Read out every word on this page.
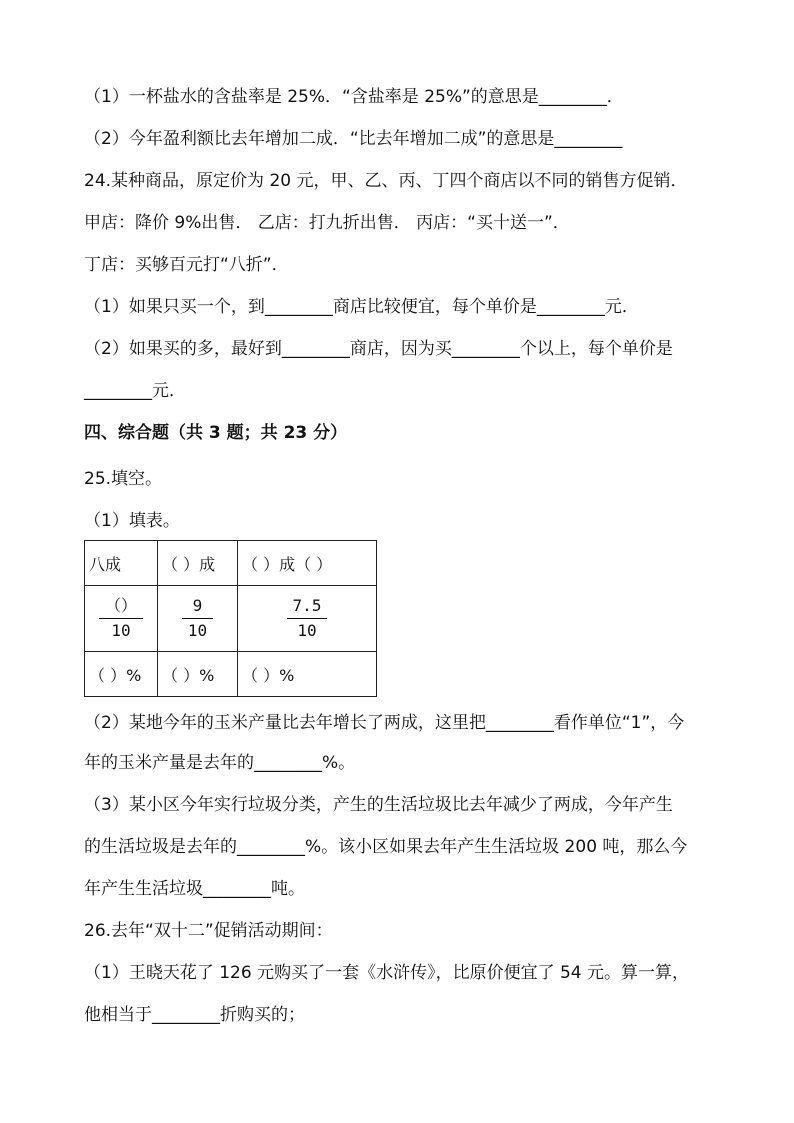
（1）一杯盐水的含盐率是 25%．“含盐率是 25%”的意思是________．
（2）今年盈利额比去年增加二成．“比去年增加二成”的意思是________
24.某种商品，原定价为 20 元，甲、乙、丙、丁四个商店以不同的销售方促销．
甲店：降价 9%出售． 乙店：打九折出售． 丙店：“买十送一”．
丁店：买够百元打“八折”．
（1）如果只买一个，到________商店比较便宜，每个单价是________元．
（2）如果买的多，最好到________商店，因为买________个以上，每个单价是
________元．
四、综合题（共 3 题；共 23 分）
25.填空。
（1）填表。
八成	（ ）成	（ ）成（ ）

$\frac{()}{10}$	$\frac{9}{10}$	$\frac{7.5}{10}$

（ ）%	（ ）%	（ ）%
（2）某地今年的玉米产量比去年增长了两成，这里把________看作单位“1”，今
年的玉米产量是去年的________%。
（3）某小区今年实行垃圾分类，产生的生活垃圾比去年减少了两成，今年产生
的生活垃圾是去年的________%。该小区如果去年产生生活垃圾 200 吨，那么今
年产生生活垃圾________吨。
26.去年“双十二”促销活动期间：
（1）王晓天花了 126 元购买了一套《水浒传》，比原价便宜了 54 元。算一算，
他相当于________折购买的；
